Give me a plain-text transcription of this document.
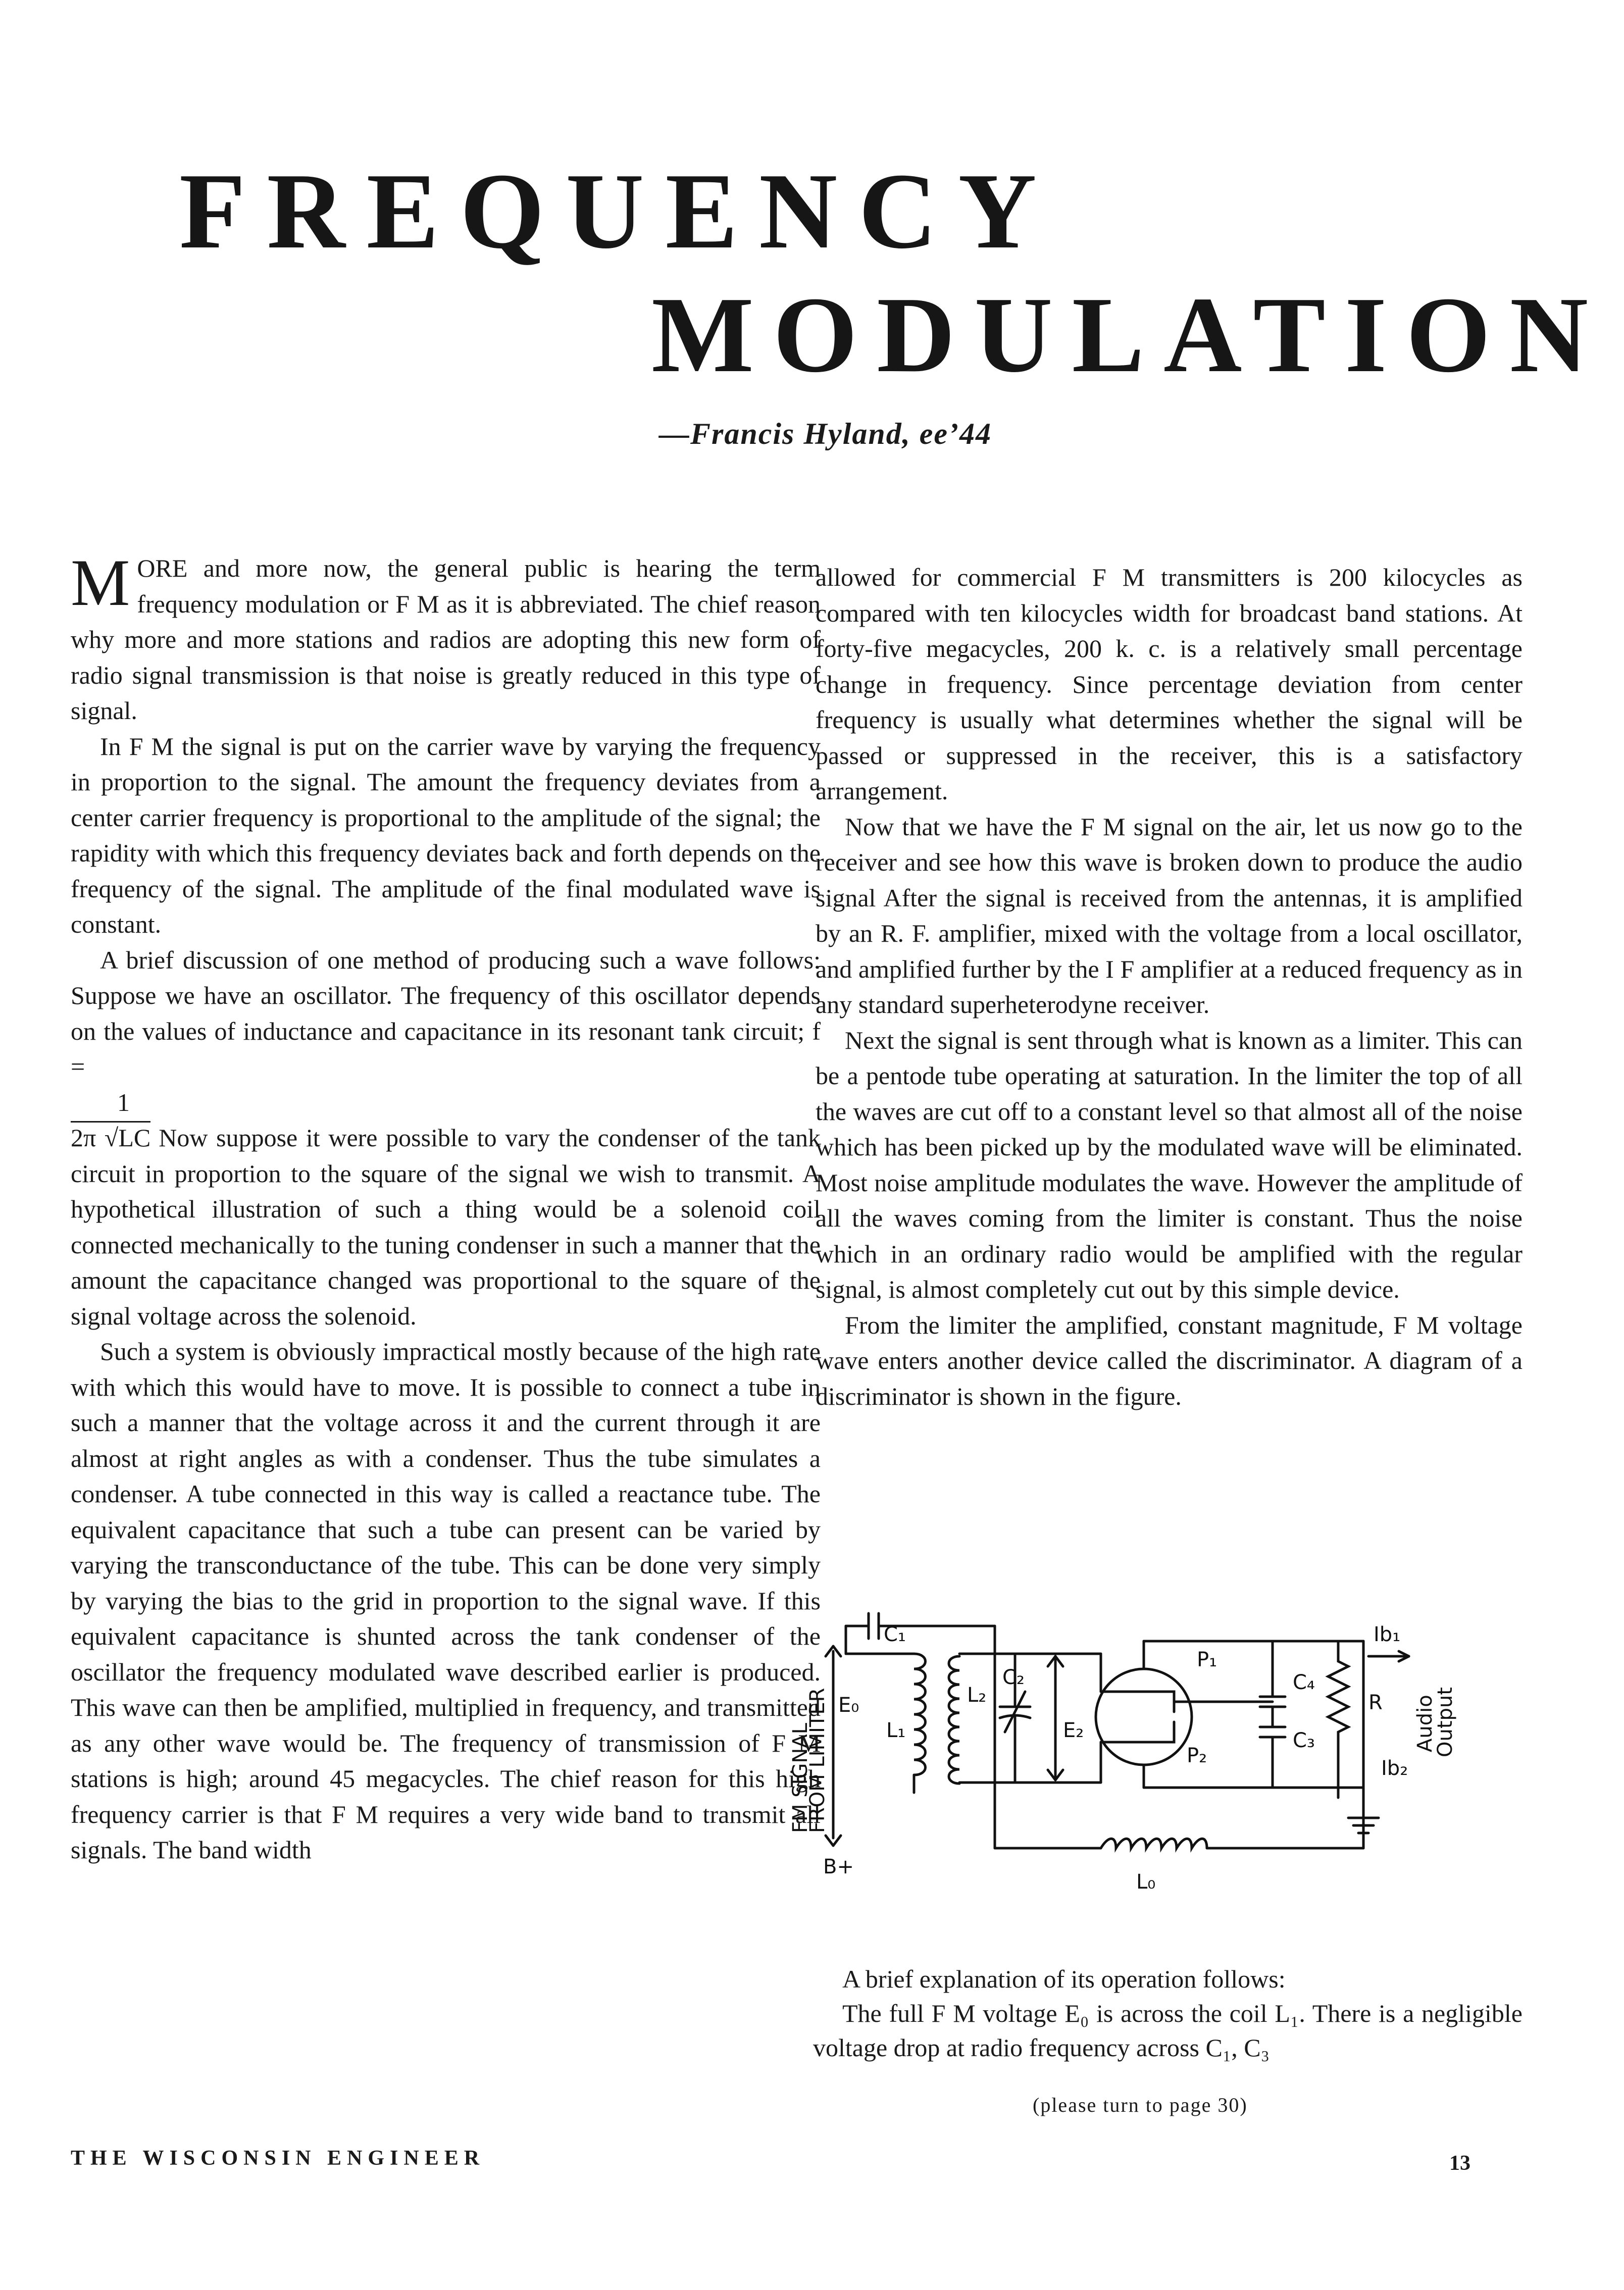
FREQUENCY
MODULATION
—Francis Hyland, ee’44

MORE and more now, the general public is hearing the term frequency modulation or F M as it is abbreviated. The chief reason why more and more stations and radios are adopting this new form of radio signal transmission is that noise is greatly reduced in this type of signal.

In F M the signal is put on the carrier wave by varying the frequency in proportion to the signal. The amount the frequency deviates from a center carrier frequency is proportional to the amplitude of the signal; the rapidity with which this frequency deviates back and forth depends on the frequency of the signal. The amplitude of the final modulated wave is constant.

A brief discussion of one method of producing such a wave follows: Suppose we have an oscillator. The frequency of this oscillator depends on the values of inductance and capacitance in its resonant tank circuit; f =

1

2π √LC Now suppose it were possible to vary the condenser of the tank circuit in proportion to the square of the signal we wish to transmit. A hypothetical illustration of such a thing would be a solenoid coil connected mechanically to the tuning condenser in such a manner that the amount the capacitance changed was proportional to the square of the signal voltage across the solenoid.

Such a system is obviously impractical mostly because of the high rate with which this would have to move. It is possible to connect a tube in such a manner that the voltage across it and the current through it are almost at right angles as with a condenser. Thus the tube simulates a condenser. A tube connected in this way is called a reactance tube. The equivalent capacitance that such a tube can present can be varied by varying the transconductance of the tube. This can be done very simply by varying the bias to the grid in proportion to the signal wave. If this equivalent capacitance is shunted across the tank condenser of the oscillator the frequency modulated wave described earlier is produced. This wave can then be amplified, multiplied in frequency, and transmitted as any other wave would be. The frequency of transmission of F M stations is high; around 45 megacycles. The chief reason for this high frequency carrier is that F M requires a very wide band to transmit all signals. The band width

allowed for commercial F M transmitters is 200 kilocycles as compared with ten kilocycles width for broadcast band stations. At forty-five megacycles, 200 k. c. is a relatively small percentage change in frequency. Since percentage deviation from center frequency is usually what determines whether the signal will be passed or suppressed in the receiver, this is a satisfactory arrangement.

Now that we have the F M signal on the air, let us now go to the receiver and see how this wave is broken down to produce the audio signal After the signal is received from the antennas, it is amplified by an R. F. amplifier, mixed with the voltage from a local oscillator, and amplified further by the I F amplifier at a reduced frequency as in any standard superheterodyne receiver.

Next the signal is sent through what is known as a limiter. This can be a pentode tube operating at saturation. In the limiter the top of all the waves are cut off to a constant level so that almost all of the noise which has been picked up by the modulated wave will be eliminated. Most noise amplitude modulates the wave. However the amplitude of all the waves coming from the limiter is constant. Thus the noise which in an ordinary radio would be amplified with the regular signal, is almost completely cut out by this simple device.

From the limiter the amplified, constant magnitude, F M voltage wave enters another device called the discriminator. A diagram of a discriminator is shown in the figure.

FM SIGNAL
FROM LIMITER
C₁
E₀
L₁
L₂
C₂
E₂
P₁
P₂
C₄
C₃
R
Ib₁
Ib₂
Audio
Output
B+
L₀

A brief explanation of its operation follows:

The full F M voltage E₀ is across the coil L₁. There is a negligible voltage drop at radio frequency across C₁, C₃

(please turn to page 30)
THE WISCONSIN ENGINEER	13
